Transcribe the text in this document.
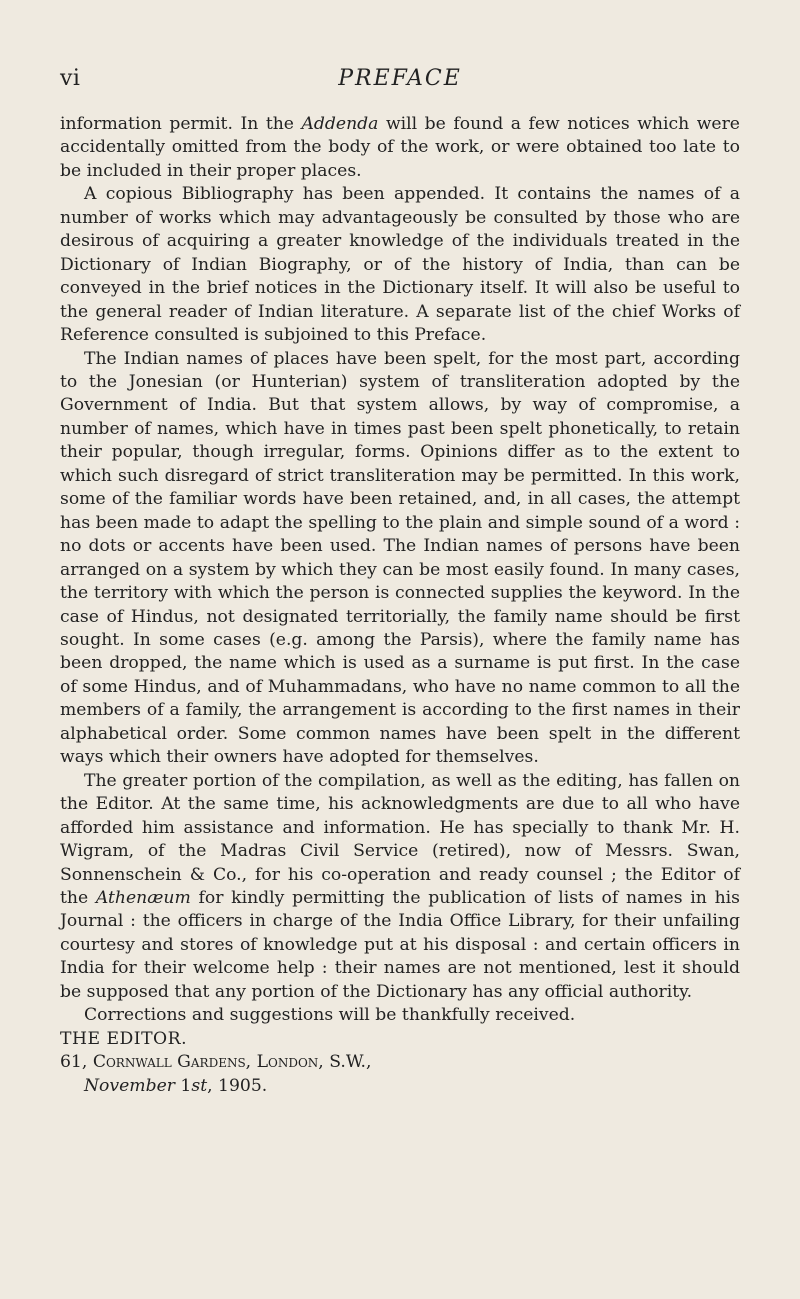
vi	PREFACE

information permit. In the Addenda will be found a few notices which were accidentally omitted from the body of the work, or were obtained too late to be included in their proper places.

A copious Bibliography has been appended. It contains the names of a number of works which may advantageously be consulted by those who are desirous of acquiring a greater knowledge of the individuals treated in the Dictionary of Indian Biography, or of the history of India, than can be conveyed in the brief notices in the Dictionary itself. It will also be useful to the general reader of Indian literature. A separate list of the chief Works of Reference consulted is subjoined to this Preface.

The Indian names of places have been spelt, for the most part, according to the Jonesian (or Hunterian) system of transliteration adopted by the Government of India. But that system allows, by way of compromise, a number of names, which have in times past been spelt phonetically, to retain their popular, though irregular, forms. Opinions differ as to the extent to which such disregard of strict transliteration may be permitted. In this work, some of the familiar words have been retained, and, in all cases, the attempt has been made to adapt the spelling to the plain and simple sound of a word : no dots or accents have been used. The Indian names of persons have been arranged on a system by which they can be most easily found. In many cases, the territory with which the person is connected supplies the keyword. In the case of Hindus, not designated territorially, the family name should be first sought. In some cases (e.g. among the Parsis), where the family name has been dropped, the name which is used as a surname is put first. In the case of some Hindus, and of Muhammadans, who have no name common to all the members of a family, the arrangement is according to the first names in their alphabetical order. Some common names have been spelt in the different ways which their owners have adopted for themselves.

The greater portion of the compilation, as well as the editing, has fallen on the Editor. At the same time, his acknowledgments are due to all who have afforded him assistance and information. He has specially to thank Mr. H. Wigram, of the Madras Civil Service (retired), now of Messrs. Swan, Sonnenschein & Co., for his co-operation and ready counsel ; the Editor of the Athenæum for kindly permitting the publication of lists of names in his Journal : the officers in charge of the India Office Library, for their unfailing courtesy and stores of knowledge put at his disposal : and certain officers in India for their welcome help : their names are not mentioned, lest it should be supposed that any portion of the Dictionary has any official authority.

Corrections and suggestions will be thankfully received.

THE EDITOR.

61, Cornwall Gardens, London, S.W.,

November 1st, 1905.
